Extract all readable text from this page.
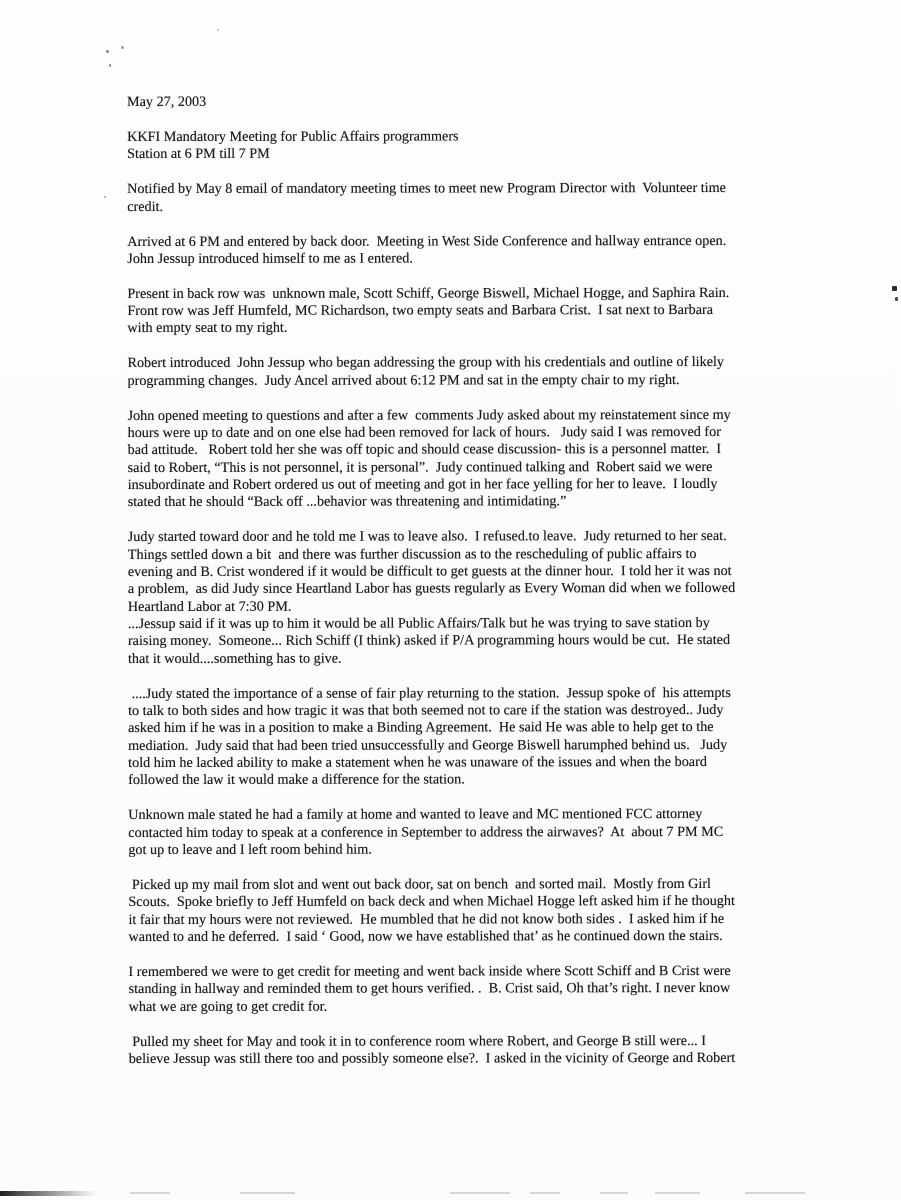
May 27, 2003
KKFI Mandatory Meeting for Public Affairs programmers
Station at 6 PM till 7 PM
Notified by May 8 email of mandatory meeting times to meet new Program Director with  Volunteer time
credit.
Arrived at 6 PM and entered by back door.  Meeting in West Side Conference and hallway entrance open.
John Jessup introduced himself to me as I entered.
Present in back row was  unknown male, Scott Schiff, George Biswell, Michael Hogge, and Saphira Rain.
Front row was Jeff Humfeld, MC Richardson, two empty seats and Barbara Crist.  I sat next to Barbara
with empty seat to my right.
Robert introduced  John Jessup who began addressing the group with his credentials and outline of likely
programming changes.  Judy Ancel arrived about 6:12 PM and sat in the empty chair to my right.
John opened meeting to questions and after a few  comments Judy asked about my reinstatement since my
hours were up to date and on one else had been removed for lack of hours.   Judy said I was removed for
bad attitude.   Robert told her she was off topic and should cease discussion- this is a personnel matter.  I
said to Robert, “This is not personnel, it is personal”.  Judy continued talking and  Robert said we were
insubordinate and Robert ordered us out of meeting and got in her face yelling for her to leave.  I loudly
stated that he should “Back off ...behavior was threatening and intimidating.”
Judy started toward door and he told me I was to leave also.  I refused.to leave.  Judy returned to her seat.
Things settled down a bit  and there was further discussion as to the rescheduling of public affairs to
evening and B. Crist wondered if it would be difficult to get guests at the dinner hour.  I told her it was not
a problem,  as did Judy since Heartland Labor has guests regularly as Every Woman did when we followed
Heartland Labor at 7:30 PM.
...Jessup said if it was up to him it would be all Public Affairs/Talk but he was trying to save station by
raising money.  Someone... Rich Schiff (I think) asked if P/A programming hours would be cut.  He stated
that it would....something has to give.
....Judy stated the importance of a sense of fair play returning to the station.  Jessup spoke of  his attempts
to talk to both sides and how tragic it was that both seemed not to care if the station was destroyed.. Judy
asked him if he was in a position to make a Binding Agreement.  He said He was able to help get to the
mediation.  Judy said that had been tried unsuccessfully and George Biswell harumphed behind us.   Judy
told him he lacked ability to make a statement when he was unaware of the issues and when the board
followed the law it would make a difference for the station.
Unknown male stated he had a family at home and wanted to leave and MC mentioned FCC attorney
contacted him today to speak at a conference in September to address the airwaves?  At  about 7 PM MC
got up to leave and I left room behind him.
Picked up my mail from slot and went out back door, sat on bench  and sorted mail.  Mostly from Girl
Scouts.  Spoke briefly to Jeff Humfeld on back deck and when Michael Hogge left asked him if he thought
it fair that my hours were not reviewed.  He mumbled that he did not know both sides .  I asked him if he
wanted to and he deferred.  I said ‘ Good, now we have established that’ as he continued down the stairs.
I remembered we were to get credit for meeting and went back inside where Scott Schiff and B Crist were
standing in hallway and reminded them to get hours verified. .  B. Crist said, Oh that’s right. I never know
what we are going to get credit for.
Pulled my sheet for May and took it in to conference room where Robert, and George B still were... I
believe Jessup was still there too and possibly someone else?.  I asked in the vicinity of George and Robert
